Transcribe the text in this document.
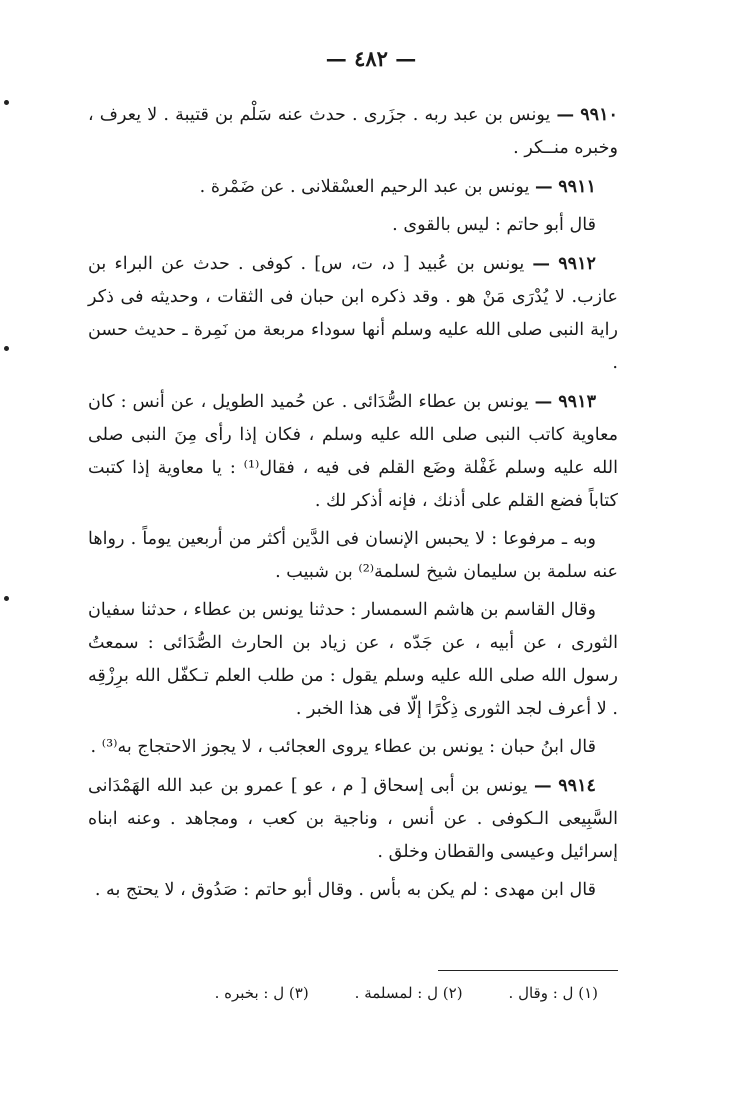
— ٤٨٢ —

٩٩١٠ — يونس بن عبد ربه . جزَرى . حدث عنه سَلْم بن قتيبة . لا يعرف ، وخبره منــكر .

٩٩١١ — يونس بن عبد الرحيم العسْقلانى . عن ضَمْرة .

قال أبو حاتم : ليس بالقوى .

٩٩١٢ — يونس بن عُبيد [ د، ت، س] . كوفى . حدث عن البراء بن عازب. لا يُدْرَى مَنْ هو . وقد ذكره ابن حبان فى الثقات ، وحديثه فى ذكر راية النبى صلى الله عليه وسلم أنها سوداء مربعة من نَمِرة ـ حديث حسن .

٩٩١٣ — يونس بن عطاء الصُّدَائى . عن حُميد الطويل ، عن أنس : كان معاوية كاتب النبى صلى الله عليه وسلم ، فكان إذا رأى مِنَ النبى صلى الله عليه وسلم غَفْلة وضَع القلم فى فيه ، فقال⁽¹⁾ : يا معاوية إذا كتبت كتاباً فضع القلم على أذنك ، فإنه أذكر لك .

وبه ـ مرفوعا : لا يحبس الإنسان فى الدَّين أكثر من أربعين يوماً . رواها عنه سلمة بن سليمان شيخ لسلمة⁽²⁾ بن شبيب .

وقال القاسم بن هاشم السمسار : حدثنا يونس بن عطاء ، حدثنا سفيان الثورى ، عن أبيه ، عن جَدّه ، عن زياد بن الحارث الصُّدَائى : سمعتُ رسول الله صلى الله عليه وسلم يقول : من طلب العلم تـكفّل الله برِزْقِه . لا أعرف لجد الثورى ذِكْرًا إلّا فى هذا الخبر .

قال ابنُ حبان : يونس بن عطاء يروى العجائب ، لا يجوز الاحتجاج به⁽³⁾ .

٩٩١٤ — يونس بن أبى إسحاق [ م ، عو ] عمرو بن عبد الله الهَمْدَانى السَّبِيعى الـكوفى . عن أنس ، وناجية بن كعب ، ومجاهد . وعنه ابناه إسرائيل وعيسى والقطان وخلق .

قال ابن مهدى : لم يكن به بأس . وقال أبو حاتم : صَدُوق ، لا يحتج به .

(١) ل : وقال .
(٢) ل : لمسلمة .
(٣) ل : بخبره .
